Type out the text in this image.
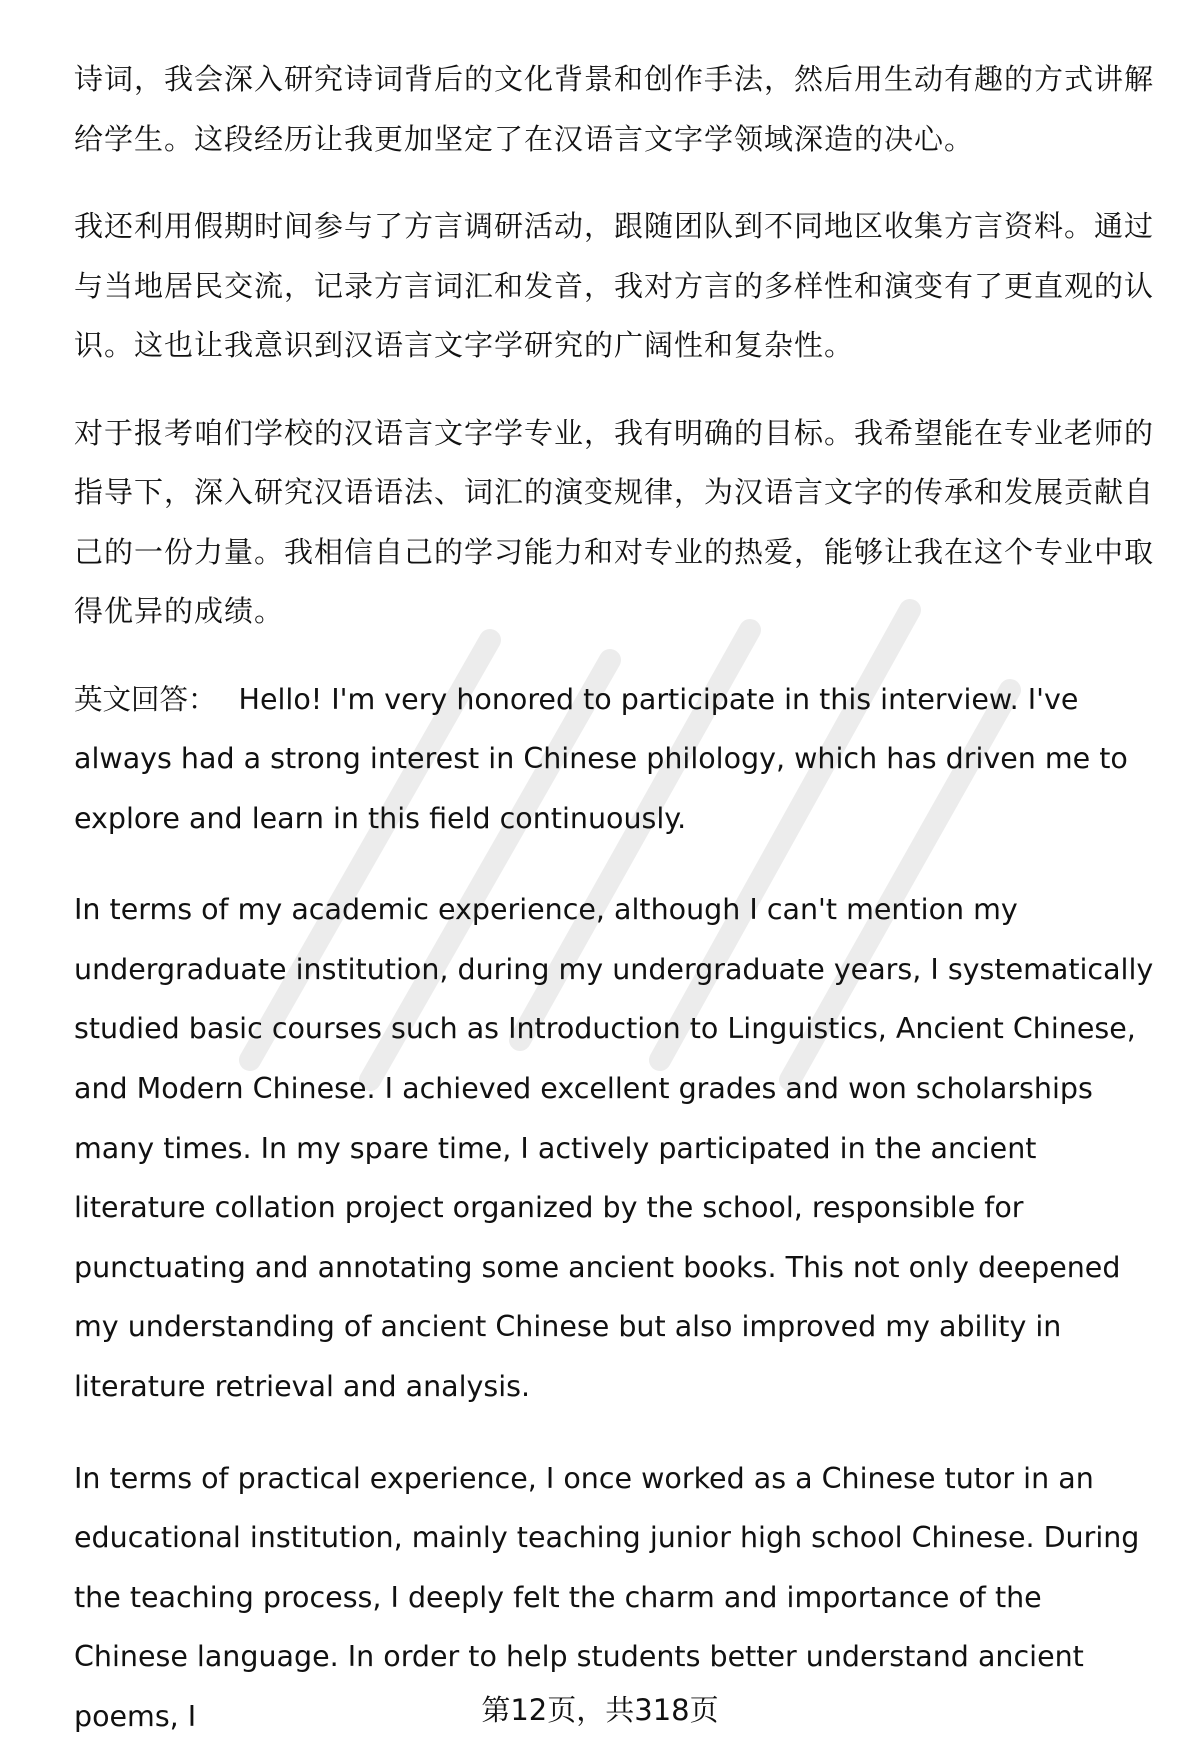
诗词，我会深入研究诗词背后的文化背景和创作手法，然后用生动有趣的方式讲解给学生。这段经历让我更加坚定了在汉语言文字学领域深造的决心。

我还利用假期时间参与了方言调研活动，跟随团队到不同地区收集方言资料。通过与当地居民交流，记录方言词汇和发音，我对方言的多样性和演变有了更直观的认识。这也让我意识到汉语言文字学研究的广阔性和复杂性。

对于报考咱们学校的汉语言文字学专业，我有明确的目标。我希望能在专业老师的指导下，深入研究汉语语法、词汇的演变规律，为汉语言文字的传承和发展贡献自己的一份力量。我相信自己的学习能力和对专业的热爱，能够让我在这个专业中取得优异的成绩。

英文回答： Hello! I'm very honored to participate in this interview. I've always had a strong interest in Chinese philology, which has driven me to explore and learn in this field continuously.

In terms of my academic experience, although I can't mention my undergraduate institution, during my undergraduate years, I systematically studied basic courses such as Introduction to Linguistics, Ancient Chinese, and Modern Chinese. I achieved excellent grades and won scholarships many times. In my spare time, I actively participated in the ancient literature collation project organized by the school, responsible for punctuating and annotating some ancient books. This not only deepened my understanding of ancient Chinese but also improved my ability in literature retrieval and analysis.

In terms of practical experience, I once worked as a Chinese tutor in an educational institution, mainly teaching junior high school Chinese. During the teaching process, I deeply felt the charm and importance of the Chinese language. In order to help students better understand ancient poems, I	第12页，共318页
